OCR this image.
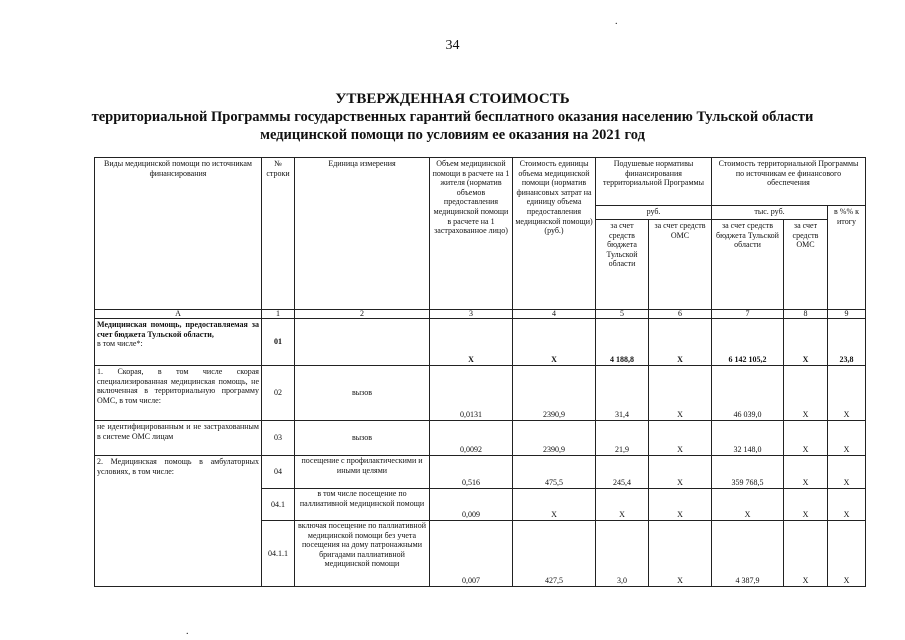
34
.
.
УТВЕРЖДЕННАЯ СТОИМОСТЬ
территориальной Программы государственных гарантий бесплатного оказания населению Тульской области
медицинской помощи по условиям ее оказания на 2021 год
Виды медицинской помощи по источникам финансирования	№ строки	Единица измерения	Объем медицинской помощи в расчете на 1 жителя (норматив объемов предоставления медицинской помощи в расчете на 1 застрахованное лицо)	Стоимость единицы объема медицинской помощи (норматив финансовых затрат на единицу объема предоставления медицинской помощи) (руб.)	Подушевые нормативы финансирования территориальной Программы		Стоимость территориальной Программы по источникам ее финансового обеспечения		
					руб.		тыс. руб.		в %% к итогу
					за счет средств бюджета Тульской области	за счет средств ОМС	за счет средств бюджета Тульской области	за счет средств ОМС	
А	1	2	3	4	5	6	7	8	9
Медицинская помощь, предоставляемая за счет бюджета Тульской области,
в том числе*:	01		Х	Х	4 188,8	Х	6 142 105,2	Х	23,8
1. Скорая, в том числе скорая специализированная медицинская помощь, не включенная в территориальную программу ОМС, в том числе:	02	вызов	0,0131	2390,9	31,4	Х	46 039,0	Х	Х
не идентифицированным и не застрахованным в системе ОМС лицам	03	вызов	0,0092	2390,9	21,9	Х	32 148,0	Х	Х
2. Медицинская помощь в амбулаторных условиях, в том числе:	04	посещение с профилактическими и иными целями	0,516	475,5	245,4	Х	359 768,5	Х	Х
	04.1	в том числе посещение по паллиативной медицинской помощи	0,009	Х	Х	Х	Х	Х	Х
	04.1.1	включая посещение по паллиативной медицинской помощи без учета посещения на дому патронажными бригадами паллиативной медицинской помощи	0,007	427,5	3,0	Х	4 387,9	Х	Х
